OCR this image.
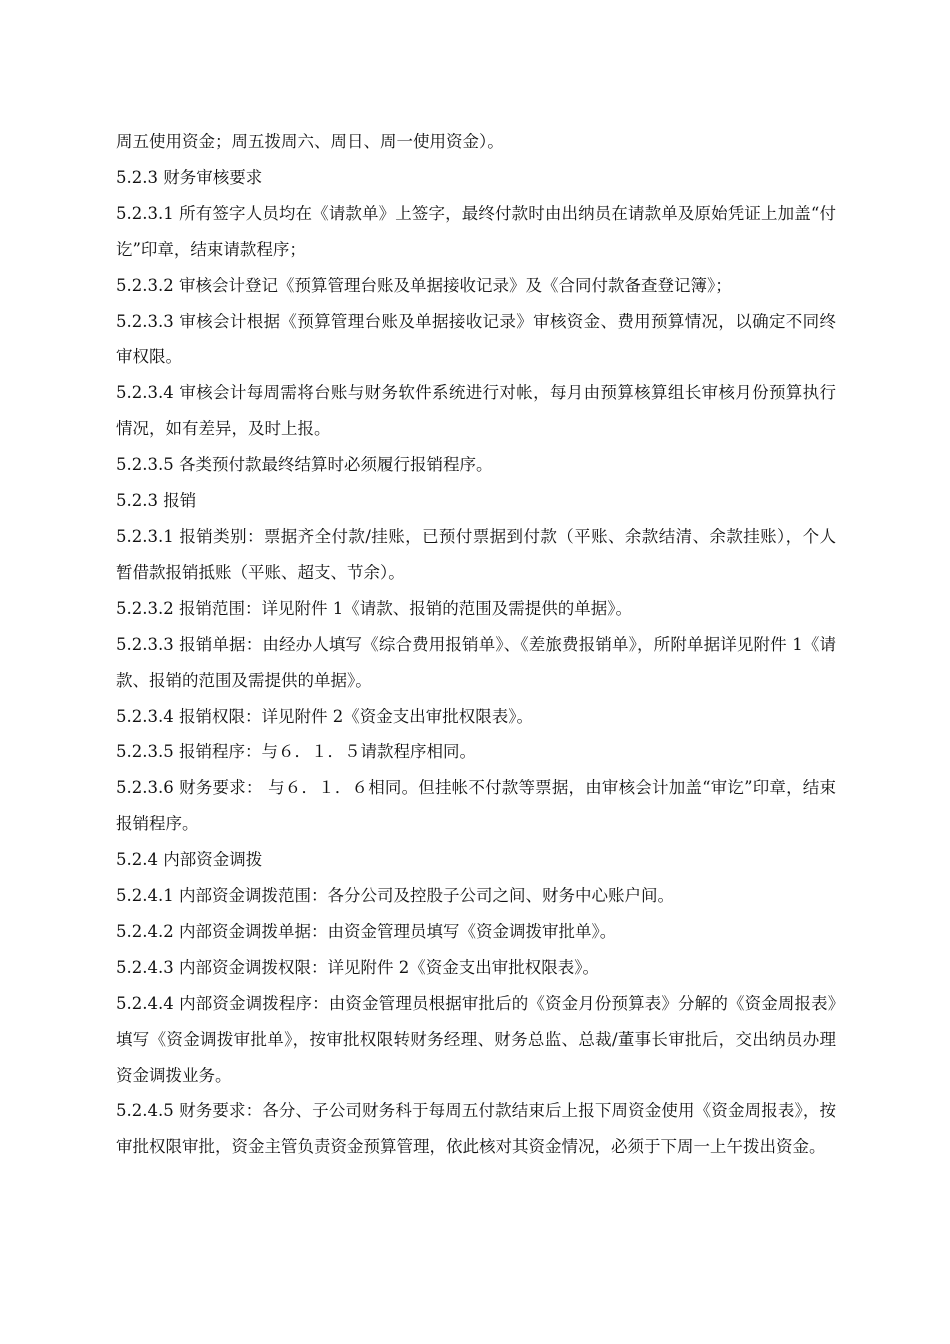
周五使用资金；周五拨周六、周日、周一使用资金）。

5.2.3 财务审核要求

5.2.3.1 所有签字人员均在《请款单》上签字，最终付款时由出纳员在请款单及原始凭证上加盖“付讫”印章，结束请款程序；

5.2.3.2 审核会计登记《预算管理台账及单据接收记录》及《合同付款备查登记簿》；

5.2.3.3 审核会计根据《预算管理台账及单据接收记录》审核资金、费用预算情况，以确定不同终审权限。

5.2.3.4 审核会计每周需将台账与财务软件系统进行对帐，每月由预算核算组长审核月份预算执行情况，如有差异，及时上报。

5.2.3.5 各类预付款最终结算时必须履行报销程序。

5.2.3 报销

5.2.3.1 报销类别：票据齐全付款/挂账，已预付票据到付款（平账、余款结清、余款挂账），个人暂借款报销抵账（平账、超支、节余）。

5.2.3.2 报销范围：详见附件 1《请款、报销的范围及需提供的单据》。

5.2.3.3 报销单据：由经办人填写《综合费用报销单》、《差旅费报销单》，所附单据详见附件 1《请款、报销的范围及需提供的单据》。

5.2.3.4 报销权限：详见附件 2《资金支出审批权限表》。

5.2.3.5 报销程序：与６．１．５请款程序相同。

5.2.3.6 财务要求： 与６．１．６相同。但挂帐不付款等票据，由审核会计加盖“审讫”印章，结束报销程序。

5.2.4 内部资金调拨

5.2.4.1 内部资金调拨范围：各分公司及控股子公司之间、财务中心账户间。

5.2.4.2 内部资金调拨单据：由资金管理员填写《资金调拨审批单》。

5.2.4.3 内部资金调拨权限：详见附件 2《资金支出审批权限表》。

5.2.4.4 内部资金调拨程序：由资金管理员根据审批后的《资金月份预算表》分解的《资金周报表》填写《资金调拨审批单》，按审批权限转财务经理、财务总监、总裁/董事长审批后，交出纳员办理资金调拨业务。

5.2.4.5 财务要求：各分、子公司财务科于每周五付款结束后上报下周资金使用《资金周报表》，按审批权限审批，资金主管负责资金预算管理，依此核对其资金情况，必须于下周一上午拨出资金。
